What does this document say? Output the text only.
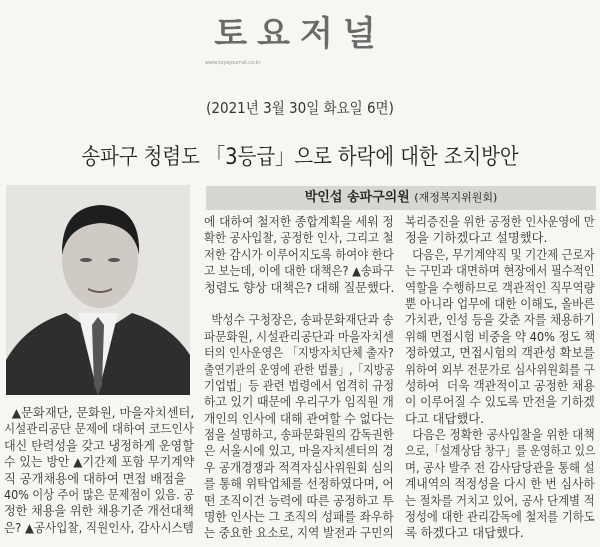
토요저널
www.toyojournal.co.kr
(2021년 3월 30일 화요일 6면)
송파구 청렴도 「3등급」으로 하락에 대한 조치방안
박인섭 송파구의원 (재정복지위원회)
▲문화재단, 문화원, 마을자치센터,
시설관리공단 문제에 대하여 코드인사
대신 탄력성을 갖고 냉정하게 운영할
수 있는 방안 ▲기간제 포함 무기계약
직 공개채용에 대하여 면접 배점을
40% 이상 주어 많은 문제점이 있음. 공
정한 채용을 위한 채용기준 개선대책
은? ▲공사입찰, 직원인사, 감사시스템
에 대하여 철저한 종합계획을 세워 정
확한 공사입찰, 공정한 인사, 그리고 철
저한 감시가 이루어지도록 하여야 한다
고 보는데, 이에 대한 대책은? ▲송파구
청렴도 향상 대책은? 대해 질문했다.
박성수 구청장은, 송파문화재단과 송
파문화원, 시설관리공단과 마을자치센
터의 인사운영은 「지방자치단체 출자?
출연기관의 운영에 관한 법률」,「지방공
기업법」등 관련 법령에서 엄격히 규정
하고 있기 때문에 우리구가 임직원 개
개인의 인사에 대해 관여할 수 없다는
점을 설명하고, 송파문화원의 감독권한
은 서울시에 있고, 마을자치센터의 경
우 공개경쟁과 적격자심사위원회 심의
를 통해 위탁업체를 선정하였다며, 어
떤 조직이건 능력에 따른 공정하고 투
명한 인사는 그 조직의 성패를 좌우하
는 중요한 요소로, 지역 발전과 구민의
복리증진을 위한 공정한 인사운영에 만
정을 기하겠다고 설명했다.
다음은, 무기계약직 및 기간제 근로자
는 구민과 대면하며 현장에서 필수적인
역할을 수행하므로 객관적인 직무역량
뿐 아니라 업무에 대한 이해도, 올바른
가치관, 인성 등을 갖춘 자를 채용하기
위해 면접시험 비중을 약 40% 정도 책
정하였고, 면접시험의 객관성 확보를
위하여 외부 전문가로 심사위원회를 구
성하여  더욱 객관적이고 공정한 채용
이 이루어질 수 있도록 만전을 기하겠
다고 대답했다.
다음은 정확한 공사입찰을 위한 대책
으로,「설계상담 창구」를 운영하고 있으
며, 공사 발주 전 감사담당관을 통해 설
계내역의 적정성을 다시 한 번 심사하
는 절차를 거치고 있어, 공사 단계별 적
정성에 대한 관리감독에 철저를 기하도
록 하겠다고 대답했다.
